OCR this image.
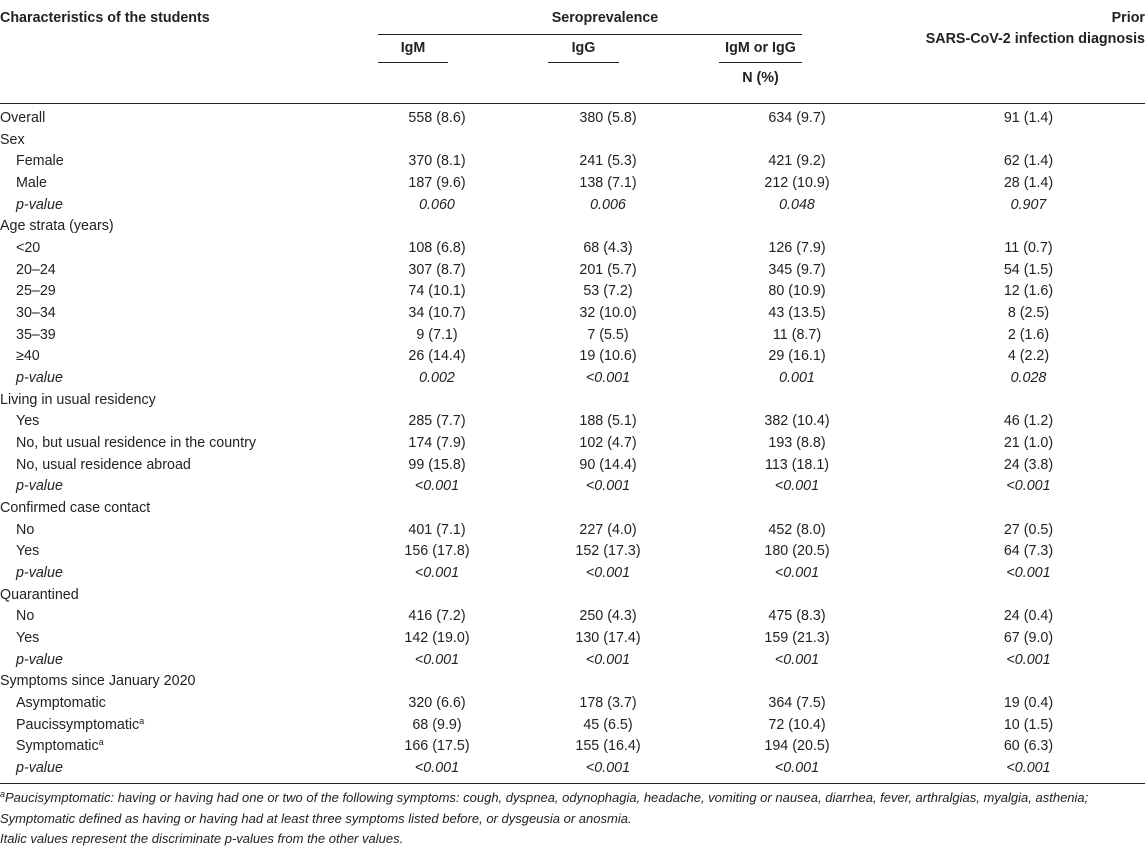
Characteristics of the students	Seroprevalence
IgM	IgG	IgM or IgG
N (%)
Prior
SARS-CoV-2 infection diagnosis
Overall	558 (8.6)	380 (5.8)	634 (9.7)	91 (1.4)
Sex				
Female	370 (8.1)	241 (5.3)	421 (9.2)	62 (1.4)
Male	187 (9.6)	138 (7.1)	212 (10.9)	28 (1.4)
p-value	0.060	0.006	0.048	0.907
Age strata (years)				
<20	108 (6.8)	68 (4.3)	126 (7.9)	11 (0.7)
20–24	307 (8.7)	201 (5.7)	345 (9.7)	54 (1.5)
25–29	74 (10.1)	53 (7.2)	80 (10.9)	12 (1.6)
30–34	34 (10.7)	32 (10.0)	43 (13.5)	8 (2.5)
35–39	9 (7.1)	7 (5.5)	11 (8.7)	2 (1.6)
≥40	26 (14.4)	19 (10.6)	29 (16.1)	4 (2.2)
p-value	0.002	<0.001	0.001	0.028
Living in usual residency				
Yes	285 (7.7)	188 (5.1)	382 (10.4)	46 (1.2)
No, but usual residence in the country	174 (7.9)	102 (4.7)	193 (8.8)	21 (1.0)
No, usual residence abroad	99 (15.8)	90 (14.4)	113 (18.1)	24 (3.8)
p-value	<0.001	<0.001	<0.001	<0.001
Confirmed case contact				
No	401 (7.1)	227 (4.0)	452 (8.0)	27 (0.5)
Yes	156 (17.8)	152 (17.3)	180 (20.5)	64 (7.3)
p-value	<0.001	<0.001	<0.001	<0.001
Quarantined				
No	416 (7.2)	250 (4.3)	475 (8.3)	24 (0.4)
Yes	142 (19.0)	130 (17.4)	159 (21.3)	67 (9.0)
p-value	<0.001	<0.001	<0.001	<0.001
Symptoms since January 2020				
Asymptomatic	320 (6.6)	178 (3.7)	364 (7.5)	19 (0.4)
Paucissymptomatic$^a$	68 (9.9)	45 (6.5)	72 (10.4)	10 (1.5)
Symptomatic$^a$	166 (17.5)	155 (16.4)	194 (20.5)	60 (6.3)
p-value	<0.001	<0.001	<0.001	<0.001

$^a$Paucisymptomatic: having or having had one or two of the following symptoms: cough, dyspnea, odynophagia, headache, vomiting or nausea, diarrhea, fever, arthralgias, myalgia, asthenia; Symptomatic defined as having or having had at least three symptoms listed before, or dysgeusia or anosmia.

Italic values represent the discriminate p-values from the other values.
